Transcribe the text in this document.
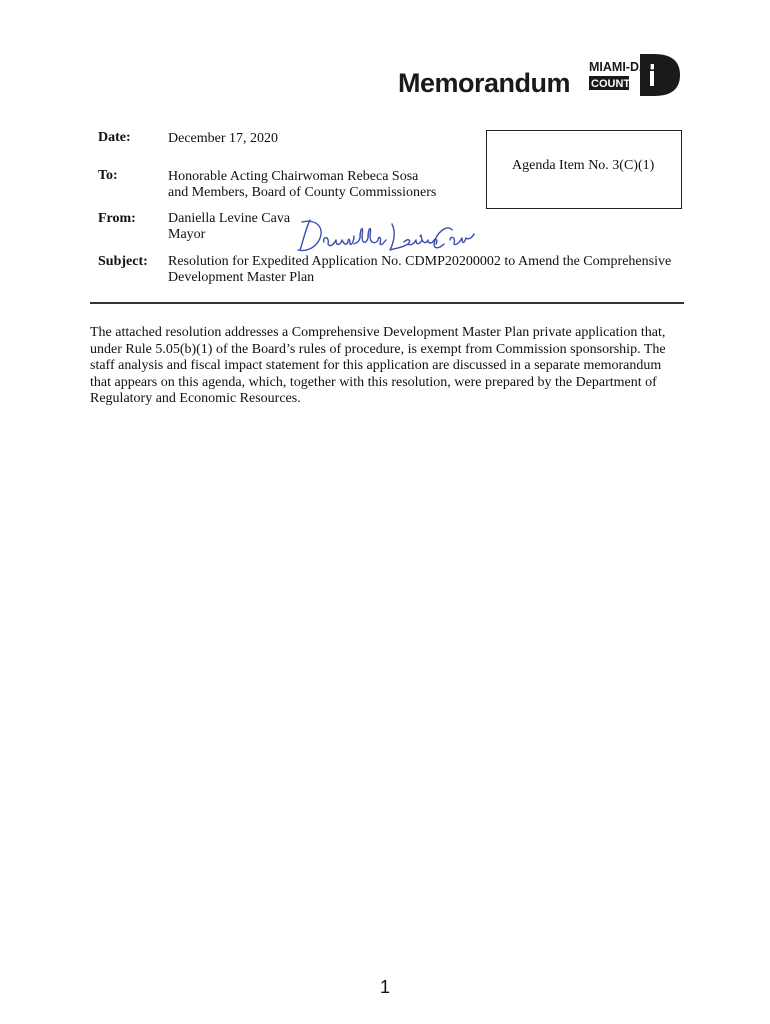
Memorandum
MIAMI-DADE
COUNTY
Date:	December 17, 2020
To:	Honorable Acting Chairwoman Rebeca Sosa
and Members, Board of County Commissioners
From: Daniella Levine Cava
Mayor
Subject: Resolution for Expedited Application No. CDMP20200002 to Amend the Comprehensive
Development Master Plan
Agenda Item No. 3(C)(1)
The attached resolution addresses a Comprehensive Development Master Plan private application that,
under Rule 5.05(b)(1) of the Board’s rules of procedure, is exempt from Commission sponsorship. The
staff analysis and fiscal impact statement for this application are discussed in a separate memorandum
that appears on this agenda, which, together with this resolution, were prepared by the Department of
Regulatory and Economic Resources.
1
